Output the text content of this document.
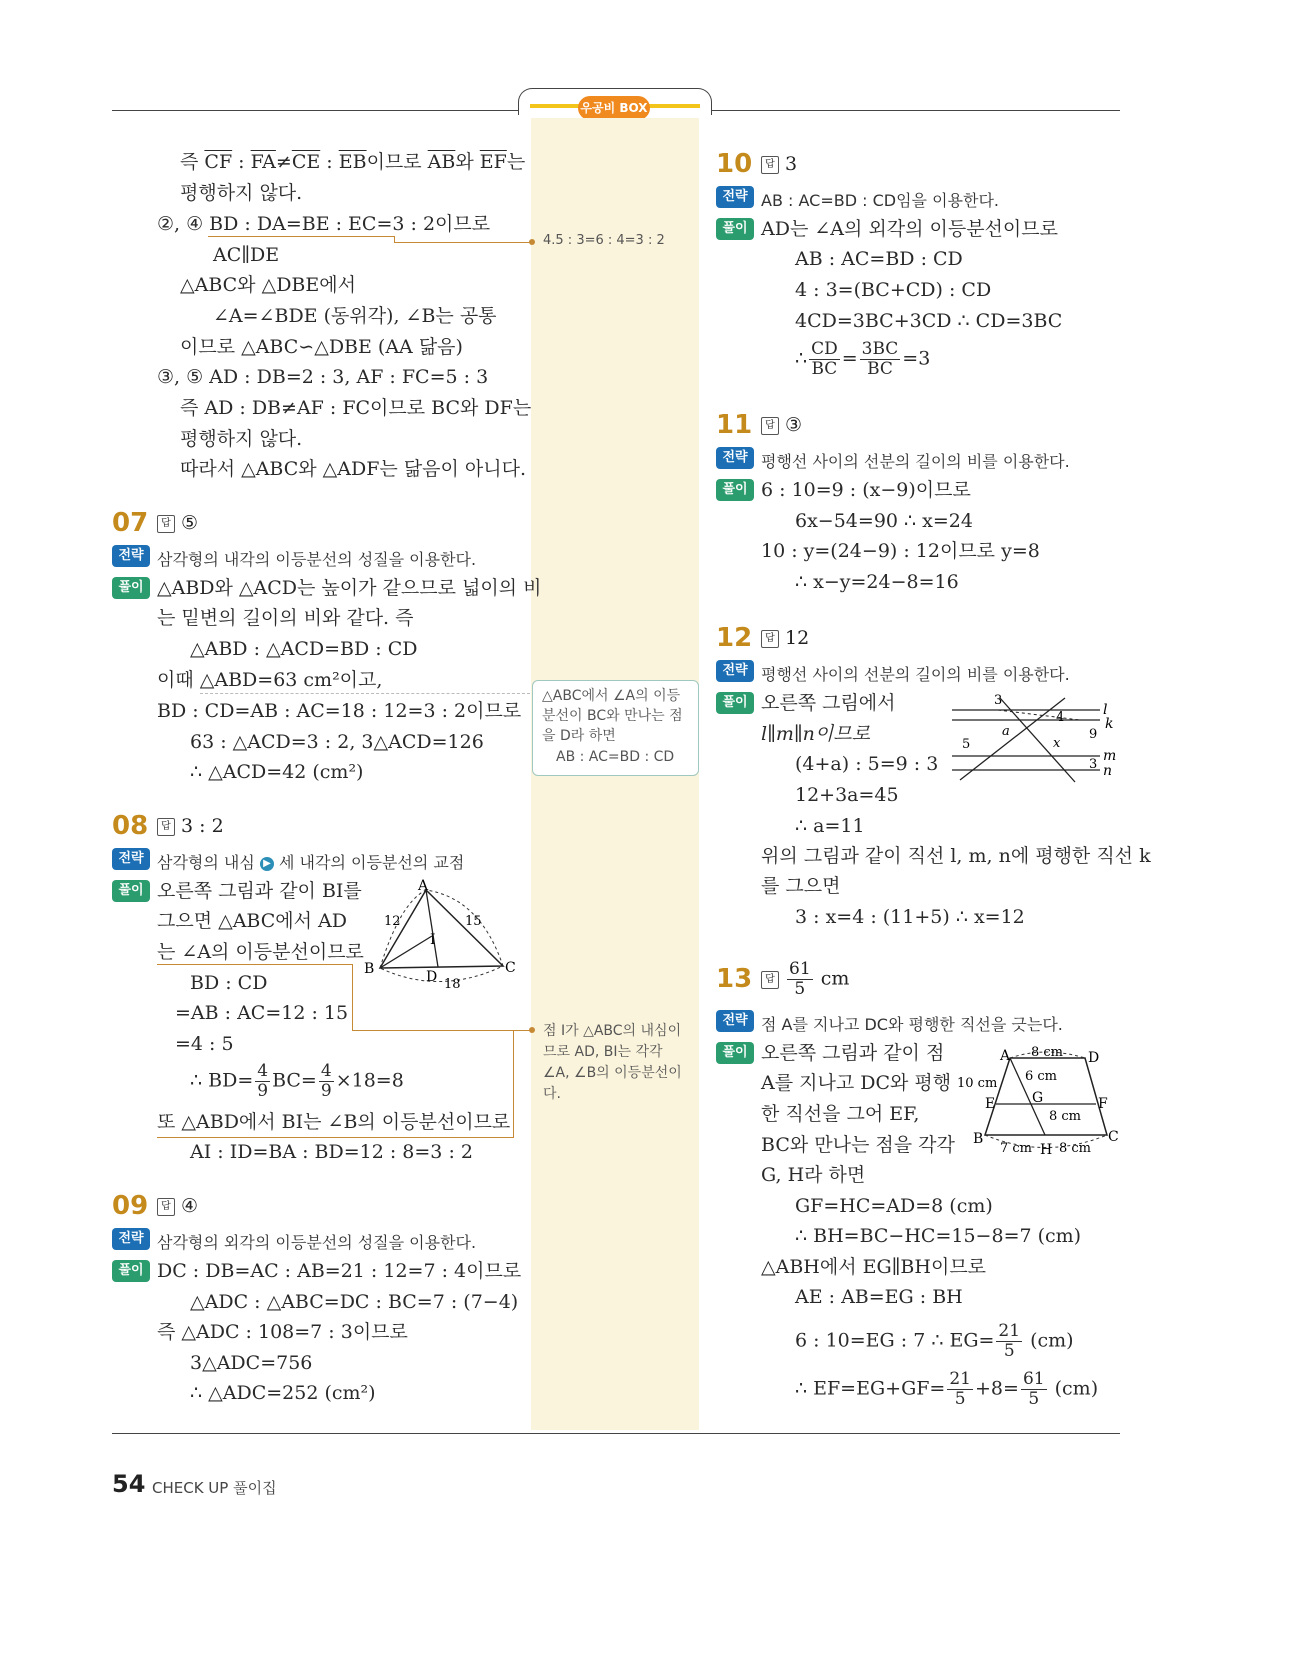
우공비 BOX
즉 $\overline{CF}$ : $\overline{FA}\ne\overline{CE}$ : $\overline{EB}$이므로 $\overline{AB}$와 $\overline{EF}$는
평행하지 않다.
②, ④ BD : DA=BE : EC=3 : 2이므로
AC∥DE
△ABC와 △DBE에서
∠A=∠BDE (동위각), ∠B는 공통
이므로 △ABC∽△DBE (AA 닮음)
③, ⑤ AD : DB=2 : 3, AF : FC=5 : 3
즉 AD : DB≠AF : FC이므로 BC와 DF는
평행하지 않다.
따라서 △ABC와 △ADF는 닮음이 아니다.
4.5 : 3=6 : 4=3 : 2
07	답 ⑤
전략 삼각형의 내각의 이등분선의 성질을 이용한다.
풀이 △ABD와 △ACD는 높이가 같으므로 넓이의 비
는 밑변의 길이의 비와 같다. 즉
△ABD : △ACD=BD : CD
이때 △ABD=63 cm²이고,
BD : CD=AB : AC=18 : 12=3 : 2이므로
63 : △ACD=3 : 2, 3△ACD=126
∴ △ACD=42 (cm²)
△ABC에서 ∠A의 이등
분선이 BC와 만나는 점
을 D라 하면
AB : AC=BD : CD
08	답 3 : 2
전략 삼각형의 내심 ▶ 세 내각의 이등분선의 교점
풀이 오른쪽 그림과 같이 BI를
그으면 △ABC에서 AD
는 ∠A의 이등분선이므로
BD : CD
=AB : AC=12 : 15
=4 : 5
∴ $BD= \frac{4}{9} BC= \frac{4}{9} \times 18=8$
또 △ABD에서 BI는 ∠B의 이등분선이므로
AI : ID=BA : BD=12 : 8=3 : 2
점 I가 △ABC의 내심이
므로 AD, BI는 각각
∠A, ∠B의 이등분선이
다.
A
B	C
D
I
12	15
18
09	답 ④
전략 삼각형의 외각의 이등분선의 성질을 이용한다.
풀이 DC : DB=AC : AB=21 : 12=7 : 4이므로
△ADC : △ABC=DC : BC=7 : (7−4)
즉 △ADC : 108=7 : 3이므로
3△ADC=756
∴ △ADC=252 (cm²)
10	답 3
전략 AB : AC=BD : CD임을 이용한다.
풀이 AD는 ∠A의 외각의 이등분선이므로
AB : AC=BD : CD
4 : 3=(BC+CD) : CD
4CD=3BC+3CD ∴ CD=3BC
∴ $\frac{CD}{BC} = \frac{3BC}{BC} =3$
11	답 ③
전략 평행선 사이의 선분의 길이의 비를 이용한다.
풀이 6 : 10=9 : (x−9)이므로
6x−54=90 ∴ x=24
10 : y=(24−9) : 12이므로 y=8
∴ x−y=24−8=16
12	답 12
전략 평행선 사이의 선분의 길이의 비를 이용한다.
풀이 오른쪽 그림에서
l∥m∥n이므로
(4+a) : 5=9 : 3
12+3a=45
∴ a=11
위의 그림과 같이 직선 l, m, n에 평행한 직선 k
를 그으면
3 : x=4 : (11+5) ∴ x=12
3
4
5
a
x
9
3
l
k
m
n
13	답 $\frac{61}{5}$ cm
전략 점 A를 지나고 DC와 평행한 직선을 긋는다.
풀이 오른쪽 그림과 같이 점
A를 지나고 DC와 평행
한 직선을 그어 EF,
BC와 만나는 점을 각각
G, H라 하면
GF=HC=AD=8 (cm)
∴ BH=BC−HC=15−8=7 (cm)
△ABH에서 EG∥BH이므로
AE : AB=EG : BH
6 : 10=EG : 7 ∴ $EG= \frac{21}{5} (cm)$
∴ $EF=EG+GF= \frac{21}{5} +8= \frac{61}{5} (cm)$
A	D
B	C
E	F
G
H
8 cm
10 cm 6 cm
8 cm
7 cm 8 cm
54 CHECK UP 풀이집
